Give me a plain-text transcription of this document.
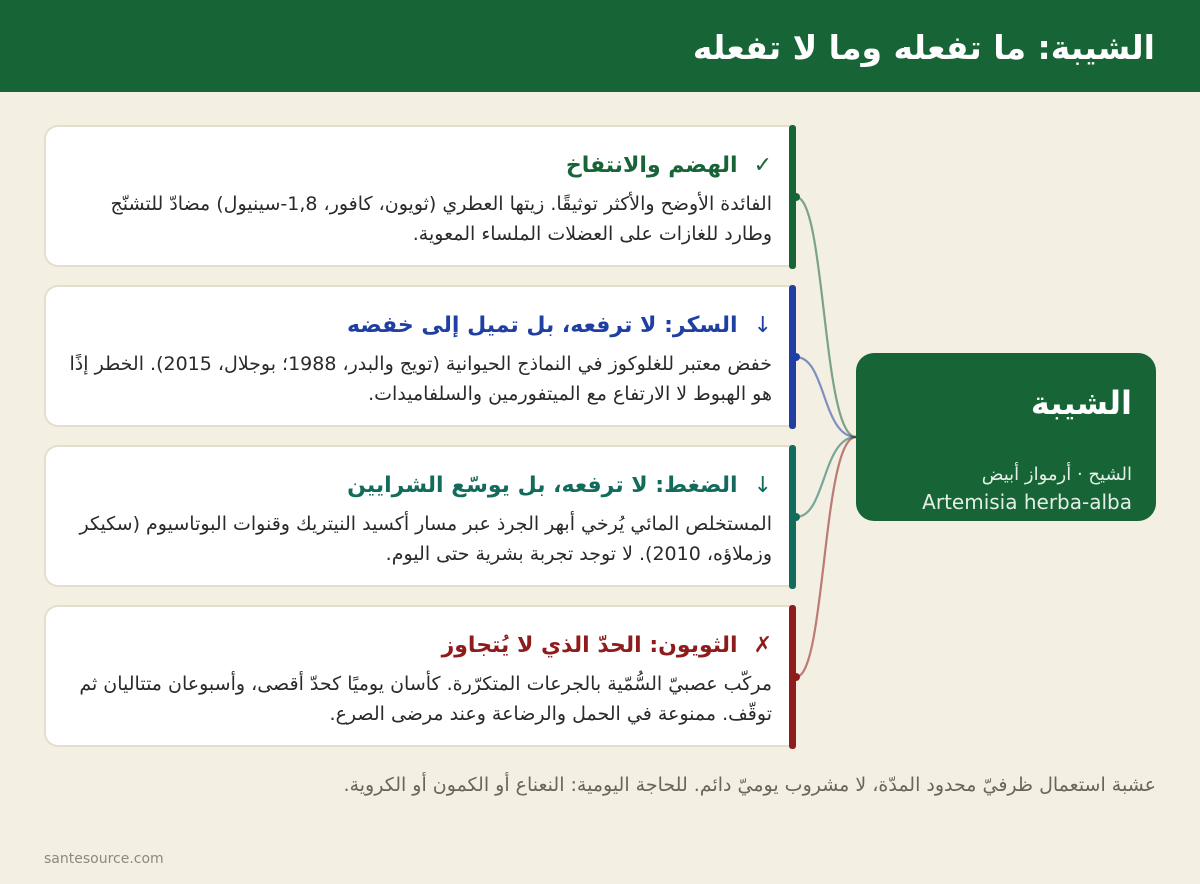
الشيبة: ما تفعله وما لا تفعله
✓الهضم والانتفاخ
الفائدة الأوضح والأكثر توثيقًا. زيتها العطري (ثويون، كافور، 1,8-سينيول) مضادّ للتشنّج وطارد للغازات على العضلات الملساء المعوية.
↓السكر: لا ترفعه، بل تميل إلى خفضه
خفض معتبر للغلوكوز في النماذج الحيوانية (تويج والبدر، 1988؛ بوجلال، 2015). الخطر إذًا هو الهبوط لا الارتفاع مع الميتفورمين والسلفاميدات.
↓الضغط: لا ترفعه، بل يوسّع الشرايين
المستخلص المائي يُرخي أبهر الجرذ عبر مسار أكسيد النيتريك وقنوات البوتاسيوم (سكيكر وزملاؤه، 2010). لا توجد تجربة بشرية حتى اليوم.
✗الثويون: الحدّ الذي لا يُتجاوز
مركّب عصبيّ السُّمّية بالجرعات المتكرّرة. كأسان يوميًا كحدّ أقصى، وأسبوعان متتاليان ثم توقّف. ممنوعة في الحمل والرضاعة وعند مرضى الصرع.
الشيبة
الشيح · أرمواز أبيض
Artemisia herba-alba
عشبة استعمال ظرفيّ محدود المدّة، لا مشروب يوميّ دائم. للحاجة اليومية: النعناع أو الكمون أو الكروية.
santesource.com
